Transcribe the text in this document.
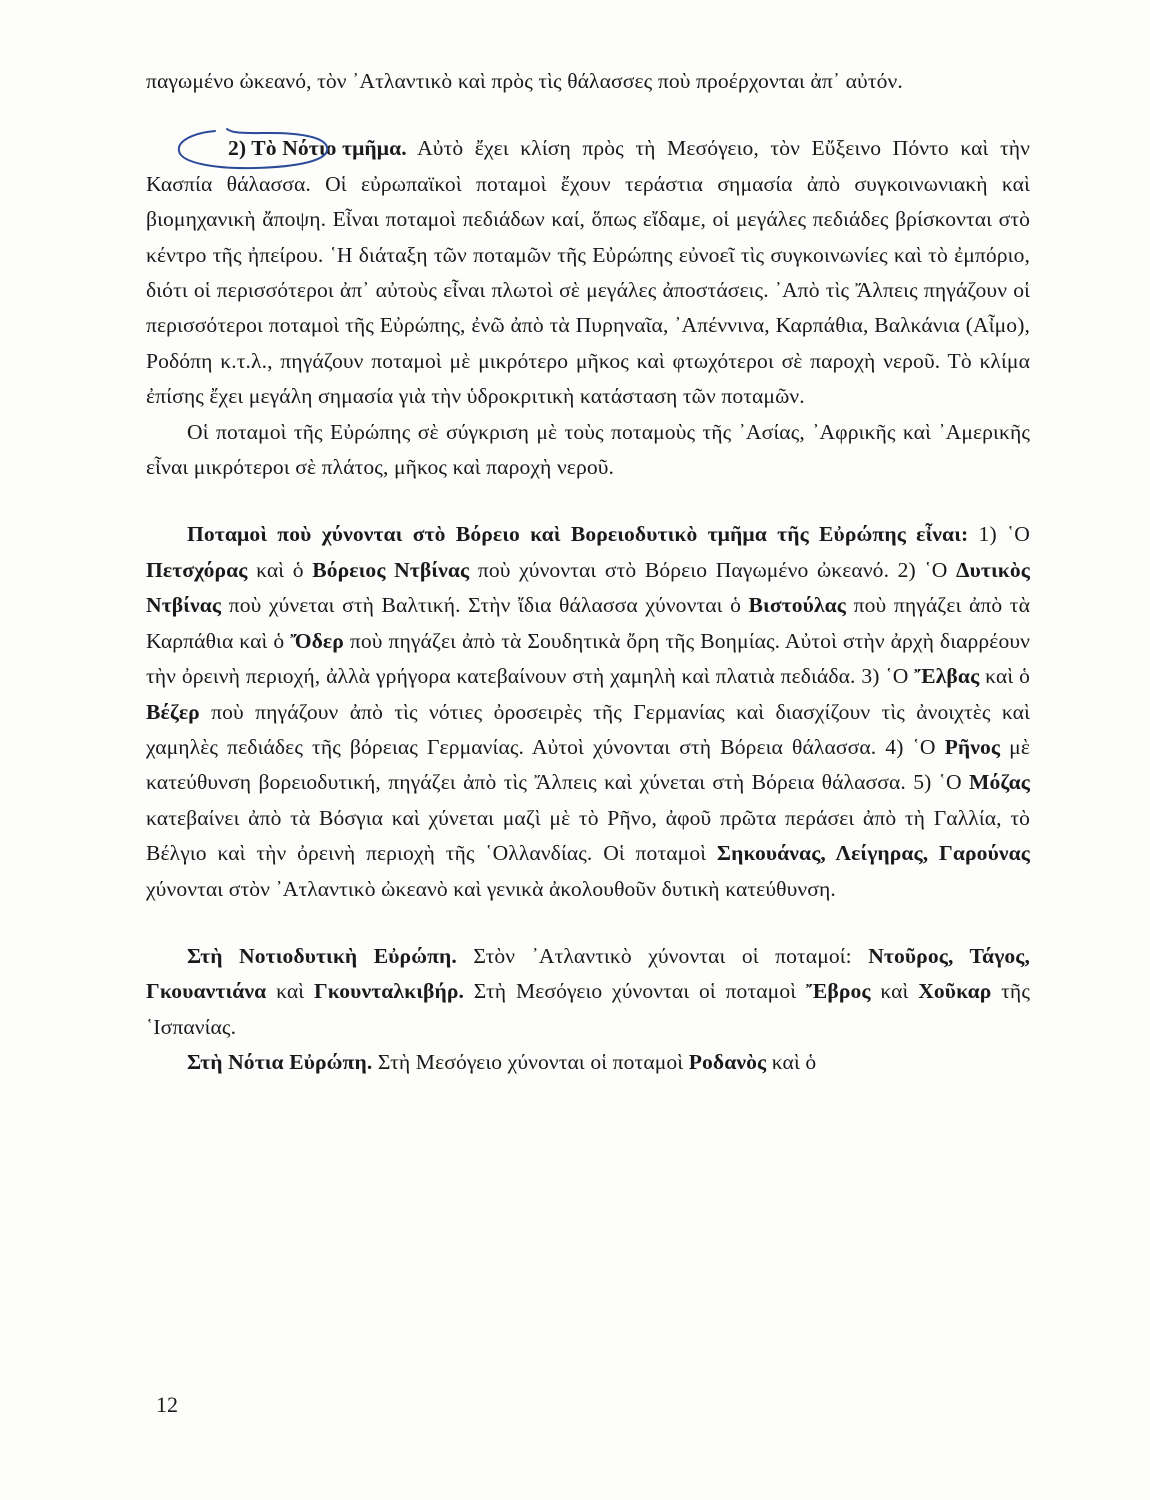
παγωμένο ὠκεανό, τὸν ᾿Ατλαντικὸ καὶ πρὸς τὶς θάλασσες ποὺ προέρχονται ἀπ᾿ αὐτόν.

2) Τὸ Νότιο τμῆμα.
Αὐτὸ ἔχει κλίση πρὸς τὴ Μεσόγειο, τὸν Εὔξεινο Πόντο καὶ τὴν Κασπία θάλασσα. Οἱ εὐρωπαϊκοὶ ποταμοὶ ἔχουν τεράστια σημασία ἀπὸ συγκοινωνιακὴ καὶ βιομηχανικὴ ἄποψη. Εἶναι ποταμοὶ πεδιάδων καί, ὅπως εἴδαμε, οἱ μεγάλες πεδιάδες βρίσκονται στὸ κέντρο τῆς ἠπείρου. ῾Η διάταξη τῶν ποταμῶν τῆς Εὐρώπης εὐνοεῖ τὶς συγκοινωνίες καὶ τὸ ἐμπόριο, διότι οἱ περισσότεροι ἀπ᾿ αὐτοὺς εἶναι πλωτοὶ σὲ μεγάλες ἀποστάσεις. ᾿Απὸ τὶς Ἄλπεις πηγάζουν οἱ περισσότεροι ποταμοὶ τῆς Εὐρώπης, ἐνῶ ἀπὸ τὰ Πυρηναῖα, ᾿Απέννινα, Καρπάθια, Βαλκάνια (Αἶμο), Ροδόπη κ.τ.λ., πηγάζουν ποταμοὶ μὲ μικρότερο μῆκος καὶ φτωχότεροι σὲ παροχὴ νεροῦ. Τὸ κλίμα ἐπίσης ἔχει μεγάλη σημασία γιὰ τὴν ὑδροκριτικὴ κατάσταση τῶν ποταμῶν.

Οἱ ποταμοὶ τῆς Εὐρώπης σὲ σύγκριση μὲ τοὺς ποταμοὺς τῆς ᾿Ασίας, ᾿Αφρικῆς καὶ ᾿Αμερικῆς εἶναι μικρότεροι σὲ πλάτος, μῆκος καὶ παροχὴ νεροῦ.

Ποταμοὶ ποὺ χύνονται στὸ Βόρειο καὶ Βορειοδυτικὸ τμῆμα τῆς Εὐρώπης εἶναι: 1) ῾Ο Πετσχόρας καὶ ὁ Βόρειος Ντβίνας ποὺ χύνονται στὸ Βόρειο Παγωμένο ὠκεανό. 2) ῾Ο Δυτικὸς Ντβίνας ποὺ χύνεται στὴ Βαλτική. Στὴν ἴδια θάλασσα χύνονται ὁ Βιστούλας ποὺ πηγάζει ἀπὸ τὰ Καρπάθια καὶ ὁ Ὄδερ ποὺ πηγάζει ἀπὸ τὰ Σουδητικὰ ὄρη τῆς Βοημίας. Αὐτοὶ στὴν ἀρχὴ διαρρέουν τὴν ὀρεινὴ περιοχή, ἀλλὰ γρήγορα κατεβαίνουν στὴ χαμηλὴ καὶ πλατιὰ πεδιάδα. 3) ῾Ο Ἔλβας καὶ ὁ Βέζερ ποὺ πηγάζουν ἀπὸ τὶς νότιες ὀροσειρὲς τῆς Γερμανίας καὶ διασχίζουν τὶς ἀνοιχτὲς καὶ χαμηλὲς πεδιάδες τῆς βόρειας Γερμανίας. Αὐτοὶ χύνονται στὴ Βόρεια θάλασσα. 4) ῾Ο Ρῆνος μὲ κατεύθυνση βορειοδυτική, πηγάζει ἀπὸ τὶς Ἄλπεις καὶ χύνεται στὴ Βόρεια θάλασσα. 5) ῾Ο Μόζας κατεβαίνει ἀπὸ τὰ Βόσγια καὶ χύνεται μαζὶ μὲ τὸ Ρῆνο, ἀφοῦ πρῶτα περάσει ἀπὸ τὴ Γαλλία, τὸ Βέλγιο καὶ τὴν ὀρεινὴ περιοχὴ τῆς ῾Ολλανδίας. Οἱ ποταμοὶ Σηκουάνας, Λείγηρας, Γαρούνας χύνονται στὸν ᾿Ατλαντικὸ ὠκεανὸ καὶ γενικὰ ἀκολουθοῦν δυτικὴ κατεύθυνση.

Στὴ Νοτιοδυτικὴ Εὐρώπη. Στὸν ᾿Ατλαντικὸ χύνονται οἱ ποταμοί: Ντοῦρος, Τάγος, Γκουαντιάνα καὶ Γκουνταλκιβήρ. Στὴ Μεσόγειο χύνονται οἱ ποταμοὶ Ἔβρος καὶ Χοῦκαρ τῆς ῾Ισπανίας.

Στὴ Νότια Εὐρώπη. Στὴ Μεσόγειο χύνονται οἱ ποταμοὶ Ροδανὸς καὶ ὁ

12
